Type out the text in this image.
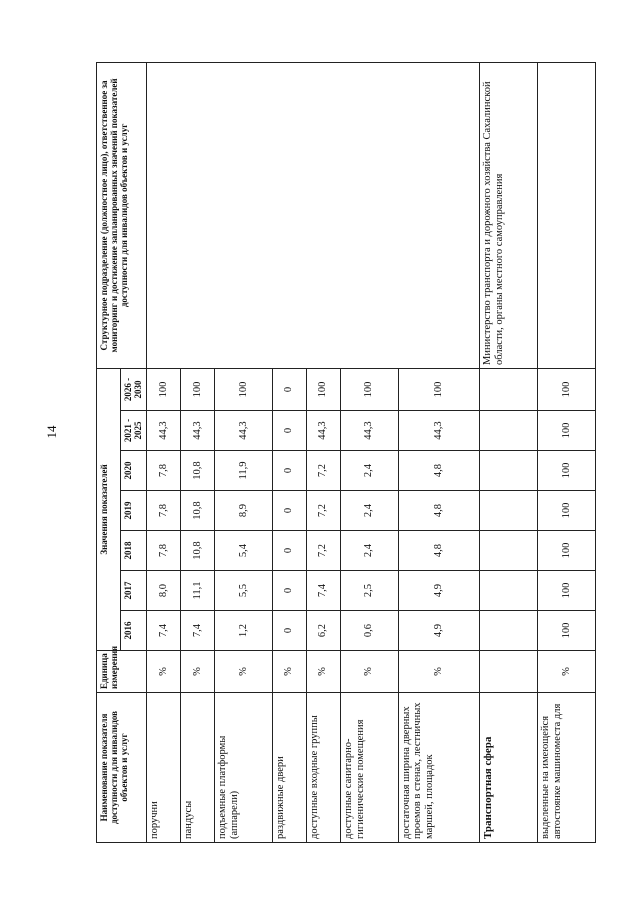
14
Наименование показателя доступности для инвалидов объектов и услуг	Единица измерения	Значения показателей							Структурное подразделение (должностное лицо), ответственное за мониторинг и достижение запланированных значений показателей доступности для инвалидов объектов и услуг
		2016	2017	2018	2019	2020	2021 - 2025	2026 - 2030	
поручни	%	7,4	8,0	7,8	7,8	7,8	44,3	100	
пандусы	%	7,4	11,1	10,8	10,8	10,8	44,3	100	
подъемные платформы (аппарели)	%	1,2	5,5	5,4	8,9	11,9	44,3	100	
раздвижные двери	%	0	0	0	0	0	0	0	
доступные входные группы	%	6,2	7,4	7,2	7,2	7,2	44,3	100	
доступные санитарно-гигиенические помещения	%	0,6	2,5	2,4	2,4	2,4	44,3	100	
достаточная ширина дверных проемов в стенах, лестничных маршей, площадок	%	4,9	4,9	4,8	4,8	4,8	44,3	100	
Транспортная сфера									Министерство транспорта и дорожного хозяйства Сахалинской области, органы местного самоуправления
выделенные на имеющейся автостоянке машиноместа для	%	100	100	100	100	100	100	100	
